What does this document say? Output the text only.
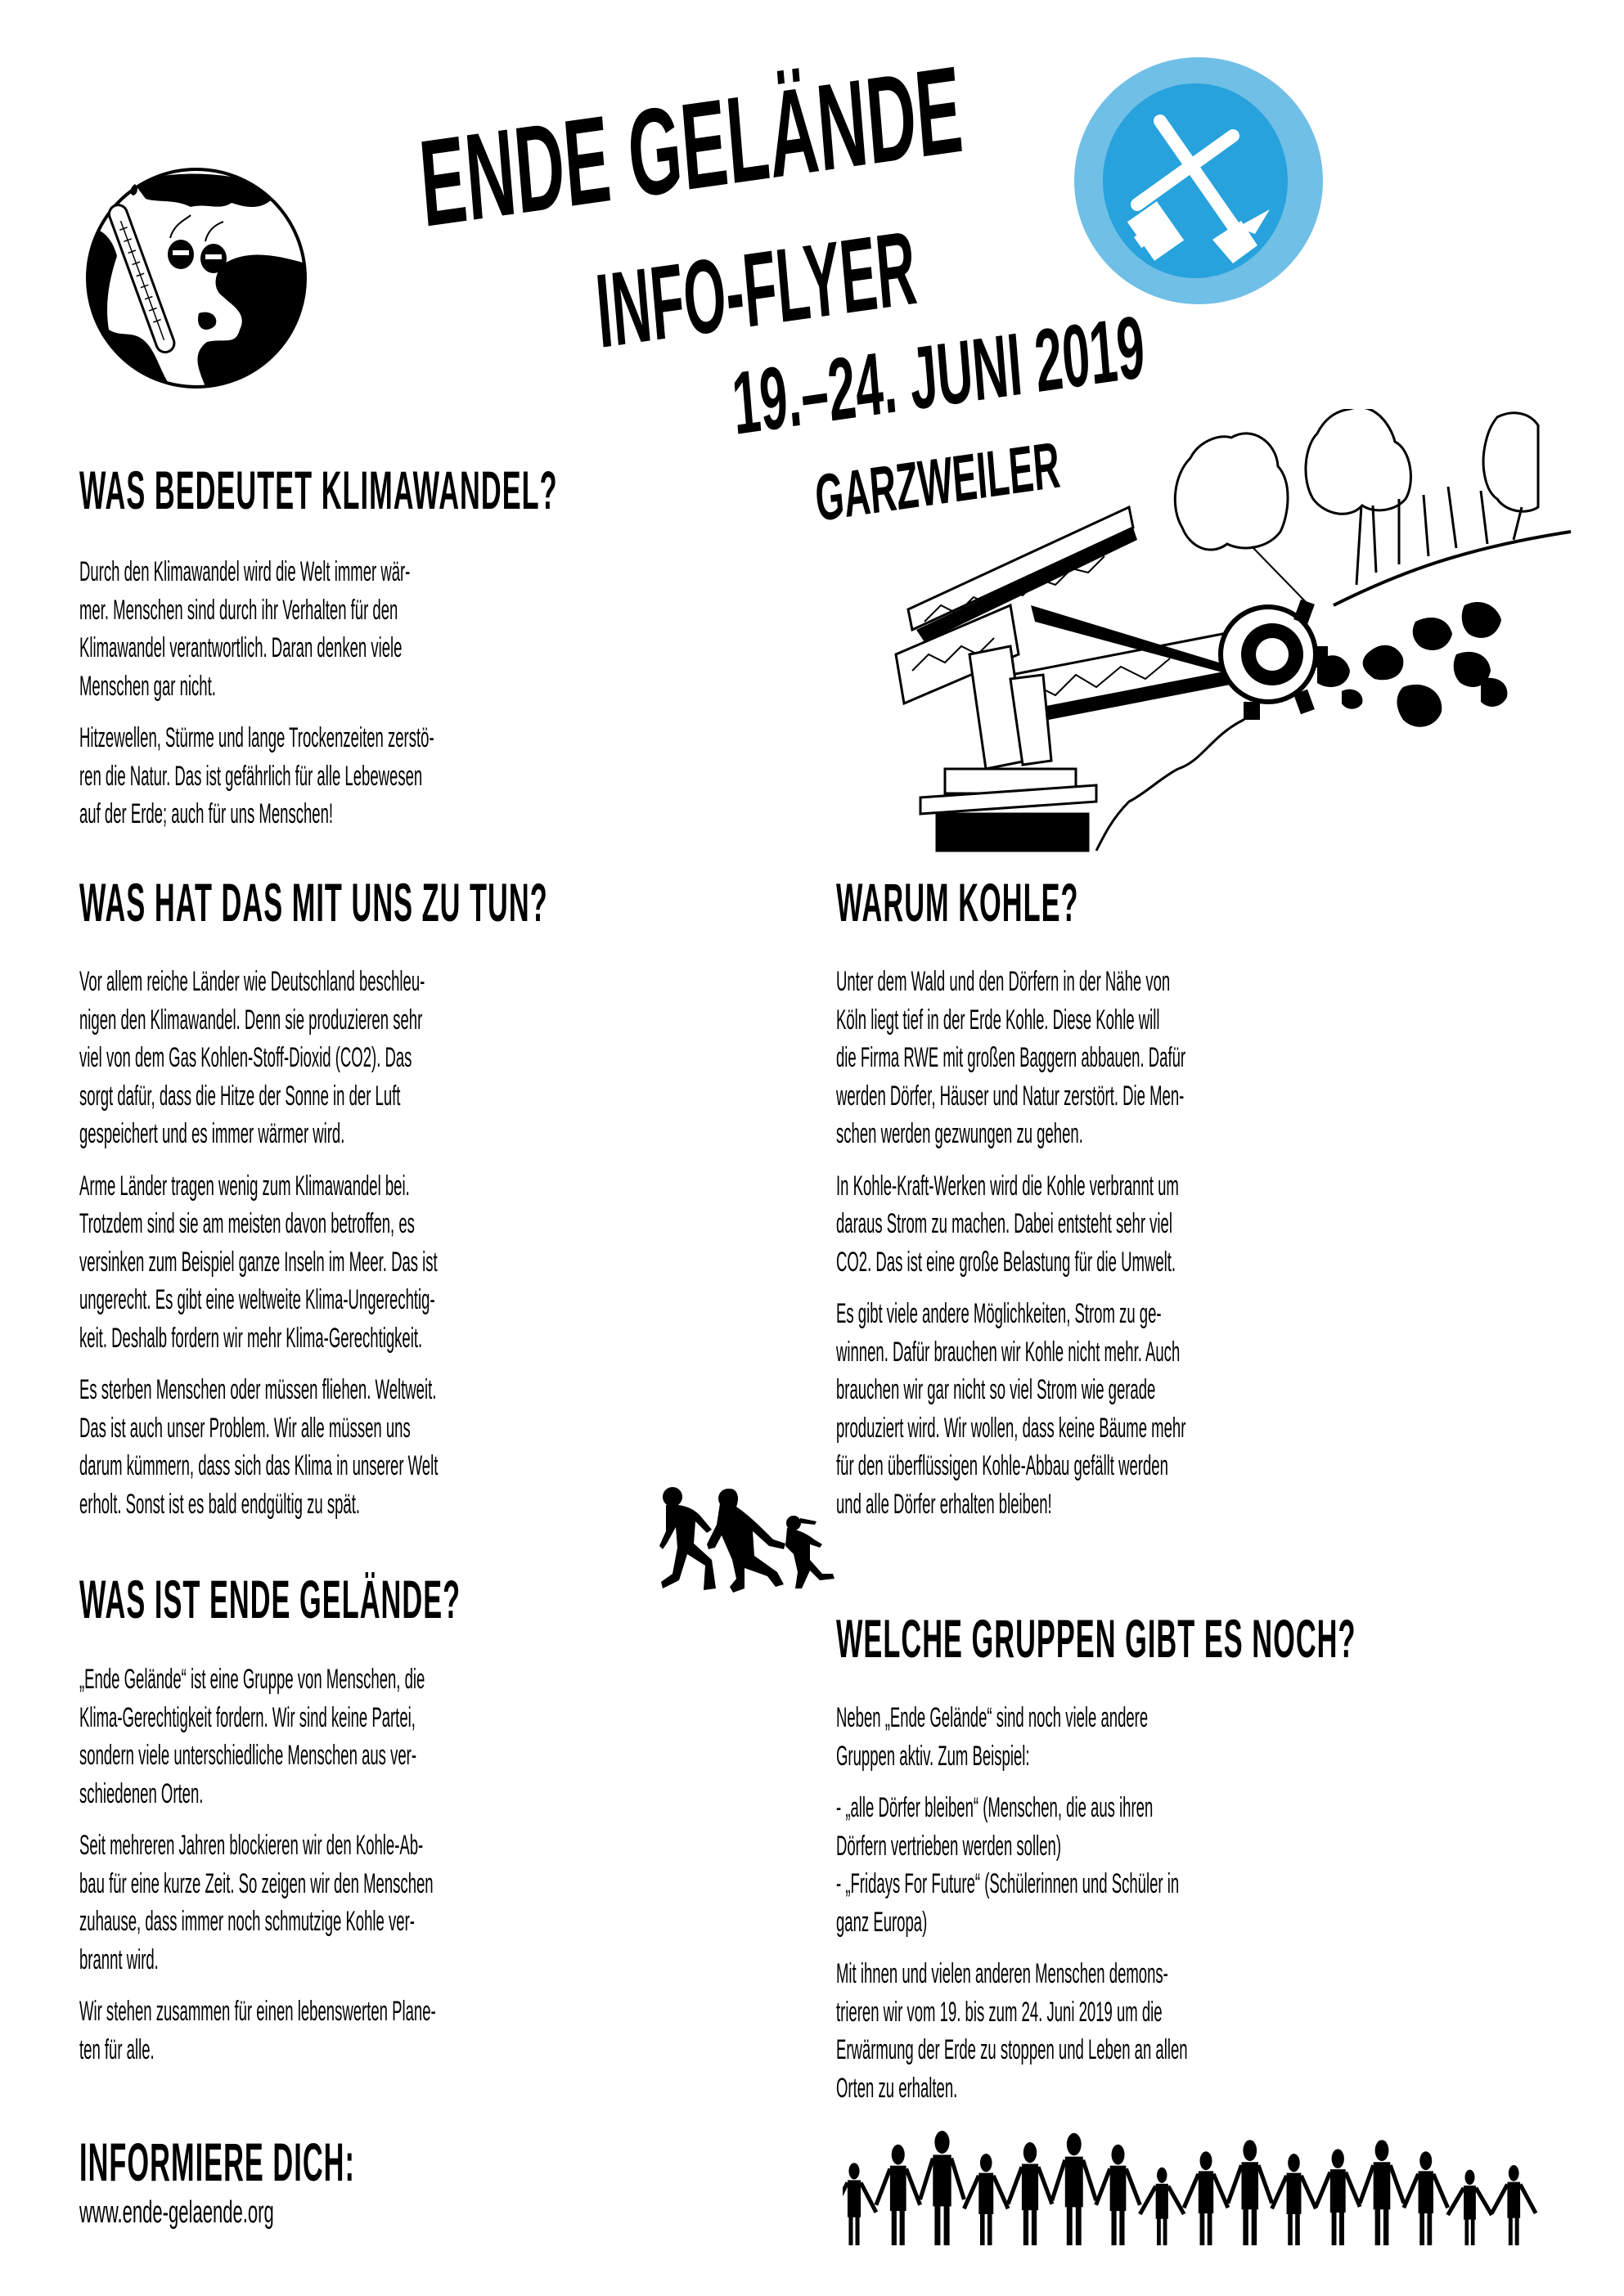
ENDE GELÄNDE
INFO-FLYER
19.–24. JUNI 2019
GARZWEILER
WAS BEDEUTET KLIMAWANDEL?

Durch den Klimawandel wird die Welt immer wär-
mer. Menschen sind durch ihr Verhalten für den
Klimawandel verantwortlich. Daran denken viele
Menschen gar nicht.

Hitzewellen, Stürme und lange Trockenzeiten zerstö-
ren die Natur. Das ist gefährlich für alle Lebewesen
auf der Erde; auch für uns Menschen!

WAS HAT DAS MIT UNS ZU TUN?

Vor allem reiche Länder wie Deutschland beschleu-
nigen den Klimawandel. Denn sie produzieren sehr
viel von dem Gas Kohlen-Stoff-Dioxid (CO2). Das
sorgt dafür, dass die Hitze der Sonne in der Luft
gespeichert und es immer wärmer wird.

Arme Länder tragen wenig zum Klimawandel bei.
Trotzdem sind sie am meisten davon betroffen, es
versinken zum Beispiel ganze Inseln im Meer. Das ist
ungerecht. Es gibt eine weltweite Klima-Ungerechtig-
keit. Deshalb fordern wir mehr Klima-Gerechtigkeit.

Es sterben Menschen oder müssen fliehen. Weltweit.
Das ist auch unser Problem. Wir alle müssen uns
darum kümmern, dass sich das Klima in unserer Welt
erholt. Sonst ist es bald endgültig zu spät.

WARUM KOHLE?

Unter dem Wald und den Dörfern in der Nähe von
Köln liegt tief in der Erde Kohle. Diese Kohle will
die Firma RWE mit großen Baggern abbauen. Dafür
werden Dörfer, Häuser und Natur zerstört. Die Men-
schen werden gezwungen zu gehen.

In Kohle-Kraft-Werken wird die Kohle verbrannt um
daraus Strom zu machen. Dabei entsteht sehr viel
CO2. Das ist eine große Belastung für die Umwelt.

Es gibt viele andere Möglichkeiten, Strom zu ge-
winnen. Dafür brauchen wir Kohle nicht mehr. Auch
brauchen wir gar nicht so viel Strom wie gerade
produziert wird. Wir wollen, dass keine Bäume mehr
für den überflüssigen Kohle-Abbau gefällt werden
und alle Dörfer erhalten bleiben!

WAS IST ENDE GELÄNDE?

„Ende Gelände“ ist eine Gruppe von Menschen, die
Klima-Gerechtigkeit fordern. Wir sind keine Partei,
sondern viele unterschiedliche Menschen aus ver-
schiedenen Orten.

Seit mehreren Jahren blockieren wir den Kohle-Ab-
bau für eine kurze Zeit. So zeigen wir den Menschen
zuhause, dass immer noch schmutzige Kohle ver-
brannt wird.

Wir stehen zusammen für einen lebenswerten Plane-
ten für alle.

WELCHE GRUPPEN GIBT ES NOCH?

Neben „Ende Gelände“ sind noch viele andere
Gruppen aktiv. Zum Beispiel:

- „alle Dörfer bleiben“ (Menschen, die aus ihren
Dörfern vertrieben werden sollen)
- „Fridays For Future“ (Schülerinnen und Schüler in
ganz Europa)

Mit ihnen und vielen anderen Menschen demons-
trieren wir vom 19. bis zum 24. Juni 2019 um die
Erwärmung der Erde zu stoppen und Leben an allen
Orten zu erhalten.

INFORMIERE DICH:
www.ende-gelaende.org
